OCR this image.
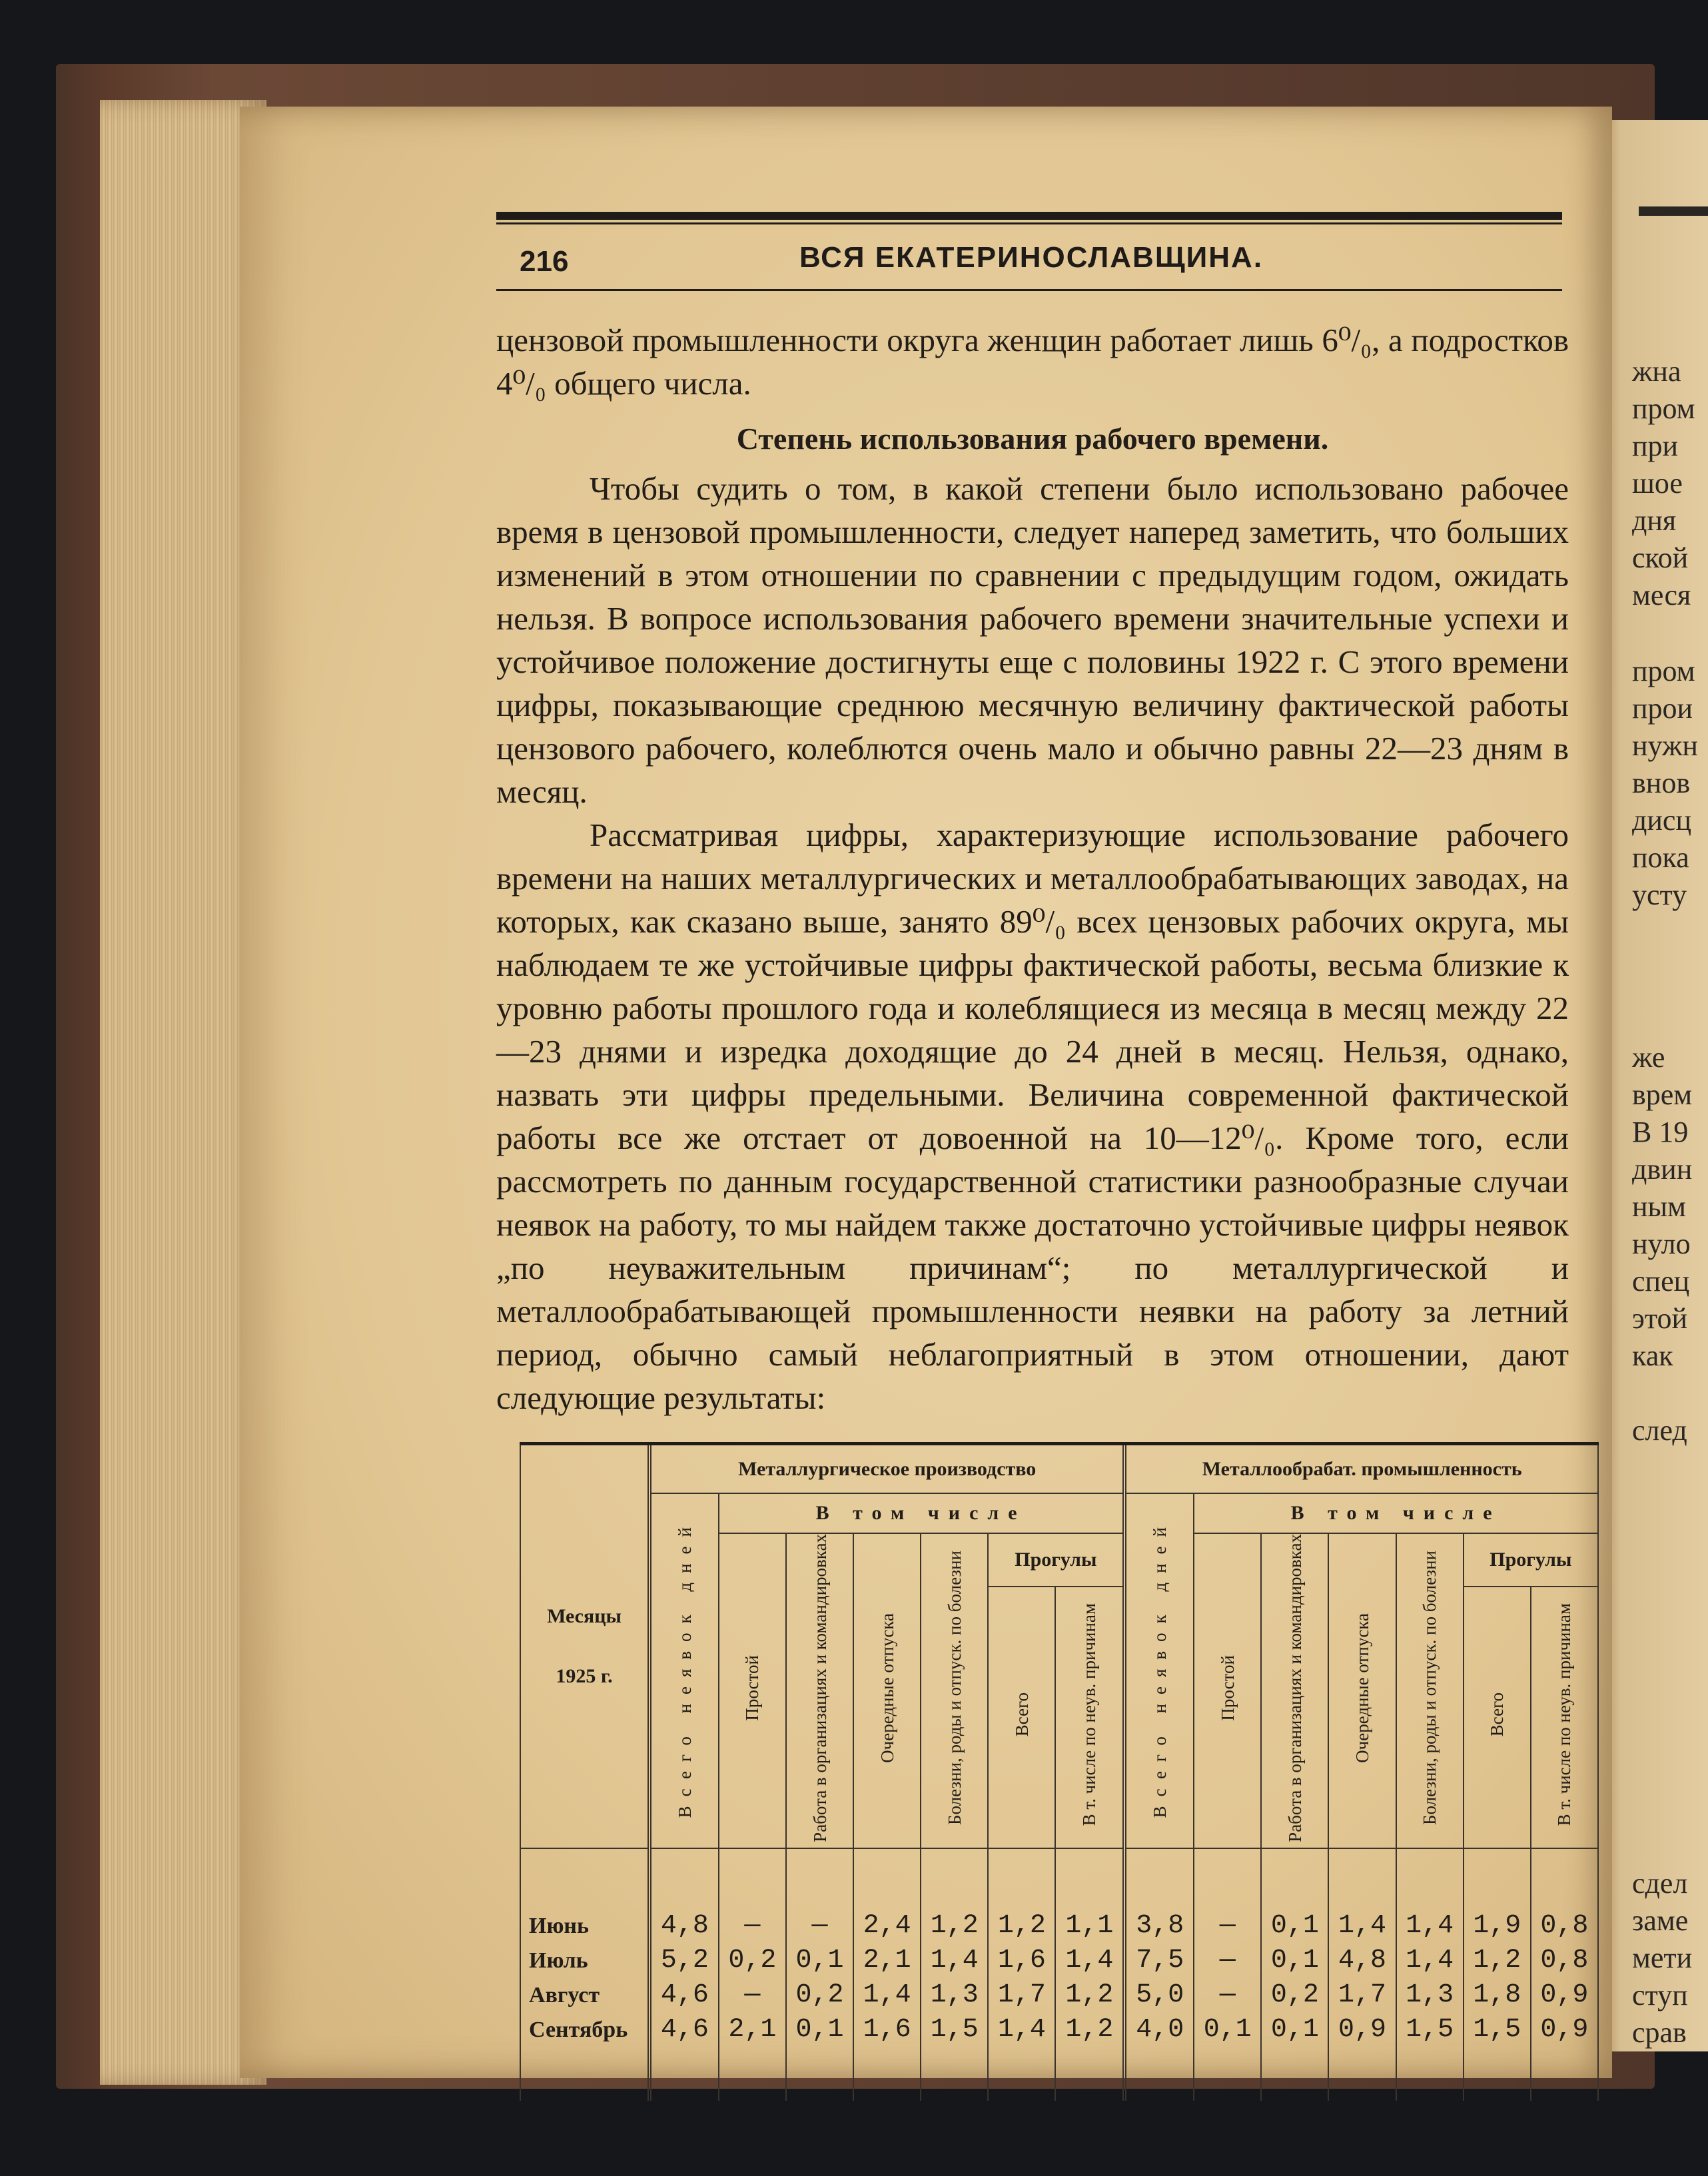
жна
пром
при
шое
дня
ской
меся
пром
прои
нужн
внов
дисц
пока
усту
же
врем
В 19
двин
ным
нуло
спец
этой
как
след
сдел
заме
мети
ступ
срав
216	ВСЯ ЕКАТЕРИНОСЛАВЩИНА.

цензовой промышленности округа женщин работает лишь 6⁰/₀, а подростков 4⁰/₀ общего числа.

Степень использования рабочего времени.

Чтобы судить о том, в какой степени было использовано рабочее время в цензовой промышленности, следует наперед заметить, что больших изменений в этом отношении по сравнении с предыдущим годом, ожидать нельзя. В вопросе использования рабочего времени значительные успехи и устойчивое положение достигнуты еще с половины 1922 г. С этого времени цифры, показывающие среднюю месячную величину фактической работы цензового рабочего, колеблются очень мало и обычно равны 22—23 дням в месяц.

Рассматривая цифры, характеризующие использование рабочего времени на наших металлургических и металлообрабатывающих заводах, на которых, как сказано выше, занято 89⁰/₀ всех цензовых рабочих округа, мы наблюдаем те же устойчивые цифры фактической работы, весьма близкие к уровню работы прошлого года и колеблящиеся из месяца в месяц между 22—23 днями и изредка доходящие до 24 дней в месяц. Нельзя, однако, назвать эти цифры предельными. Величина современной фактической работы все же отстает от довоенной на 10—12⁰/₀. Кроме того, если рассмотреть по данным государственной статистики разнообразные случаи неявок на работу, то мы найдем также достаточно устойчивые цифры неявок „по неуважительным причинам“; по металлургической и металлообрабатывающей промышленности неявки на работу за летний период, обычно самый неблагоприятный в этом отношении, дают следующие результаты:

Месяцы
1925 г.	Металлургическое производство							Металлообрабат. промышленность						
	Всего неявок дней	В том числе						Всего неявок дней	В том числе					
		Простой	Работа в организациях и командировках	Очередные отпуска	Болезни, роды и отпуск. по болезни	Прогулы			Простой	Работа в организациях и командировках	Очередные отпуска	Болезни, роды и отпуск. по болезни	Прогулы	
						Всего	В т. числе по неув. причинам						Всего	В т. числе по неув. причинам

Июнь	4,8	—	—	2,4	1,2	1,2	1,1	3,8	—	0,1	1,4	1,4	1,9	0,8
Июль	5,2	0,2	0,1	2,1	1,4	1,6	1,4	7,5	—	0,1	4,8	1,4	1,2	0,8
Август	4,6	—	0,2	1,4	1,3	1,7	1,2	5,0	—	0,2	1,7	1,3	1,8	0,9
Сентябрь	4,6	2,1	0,1	1,6	1,5	1,4	1,2	4,0	0,1	0,1	0,9	1,5	1,5	0,9
